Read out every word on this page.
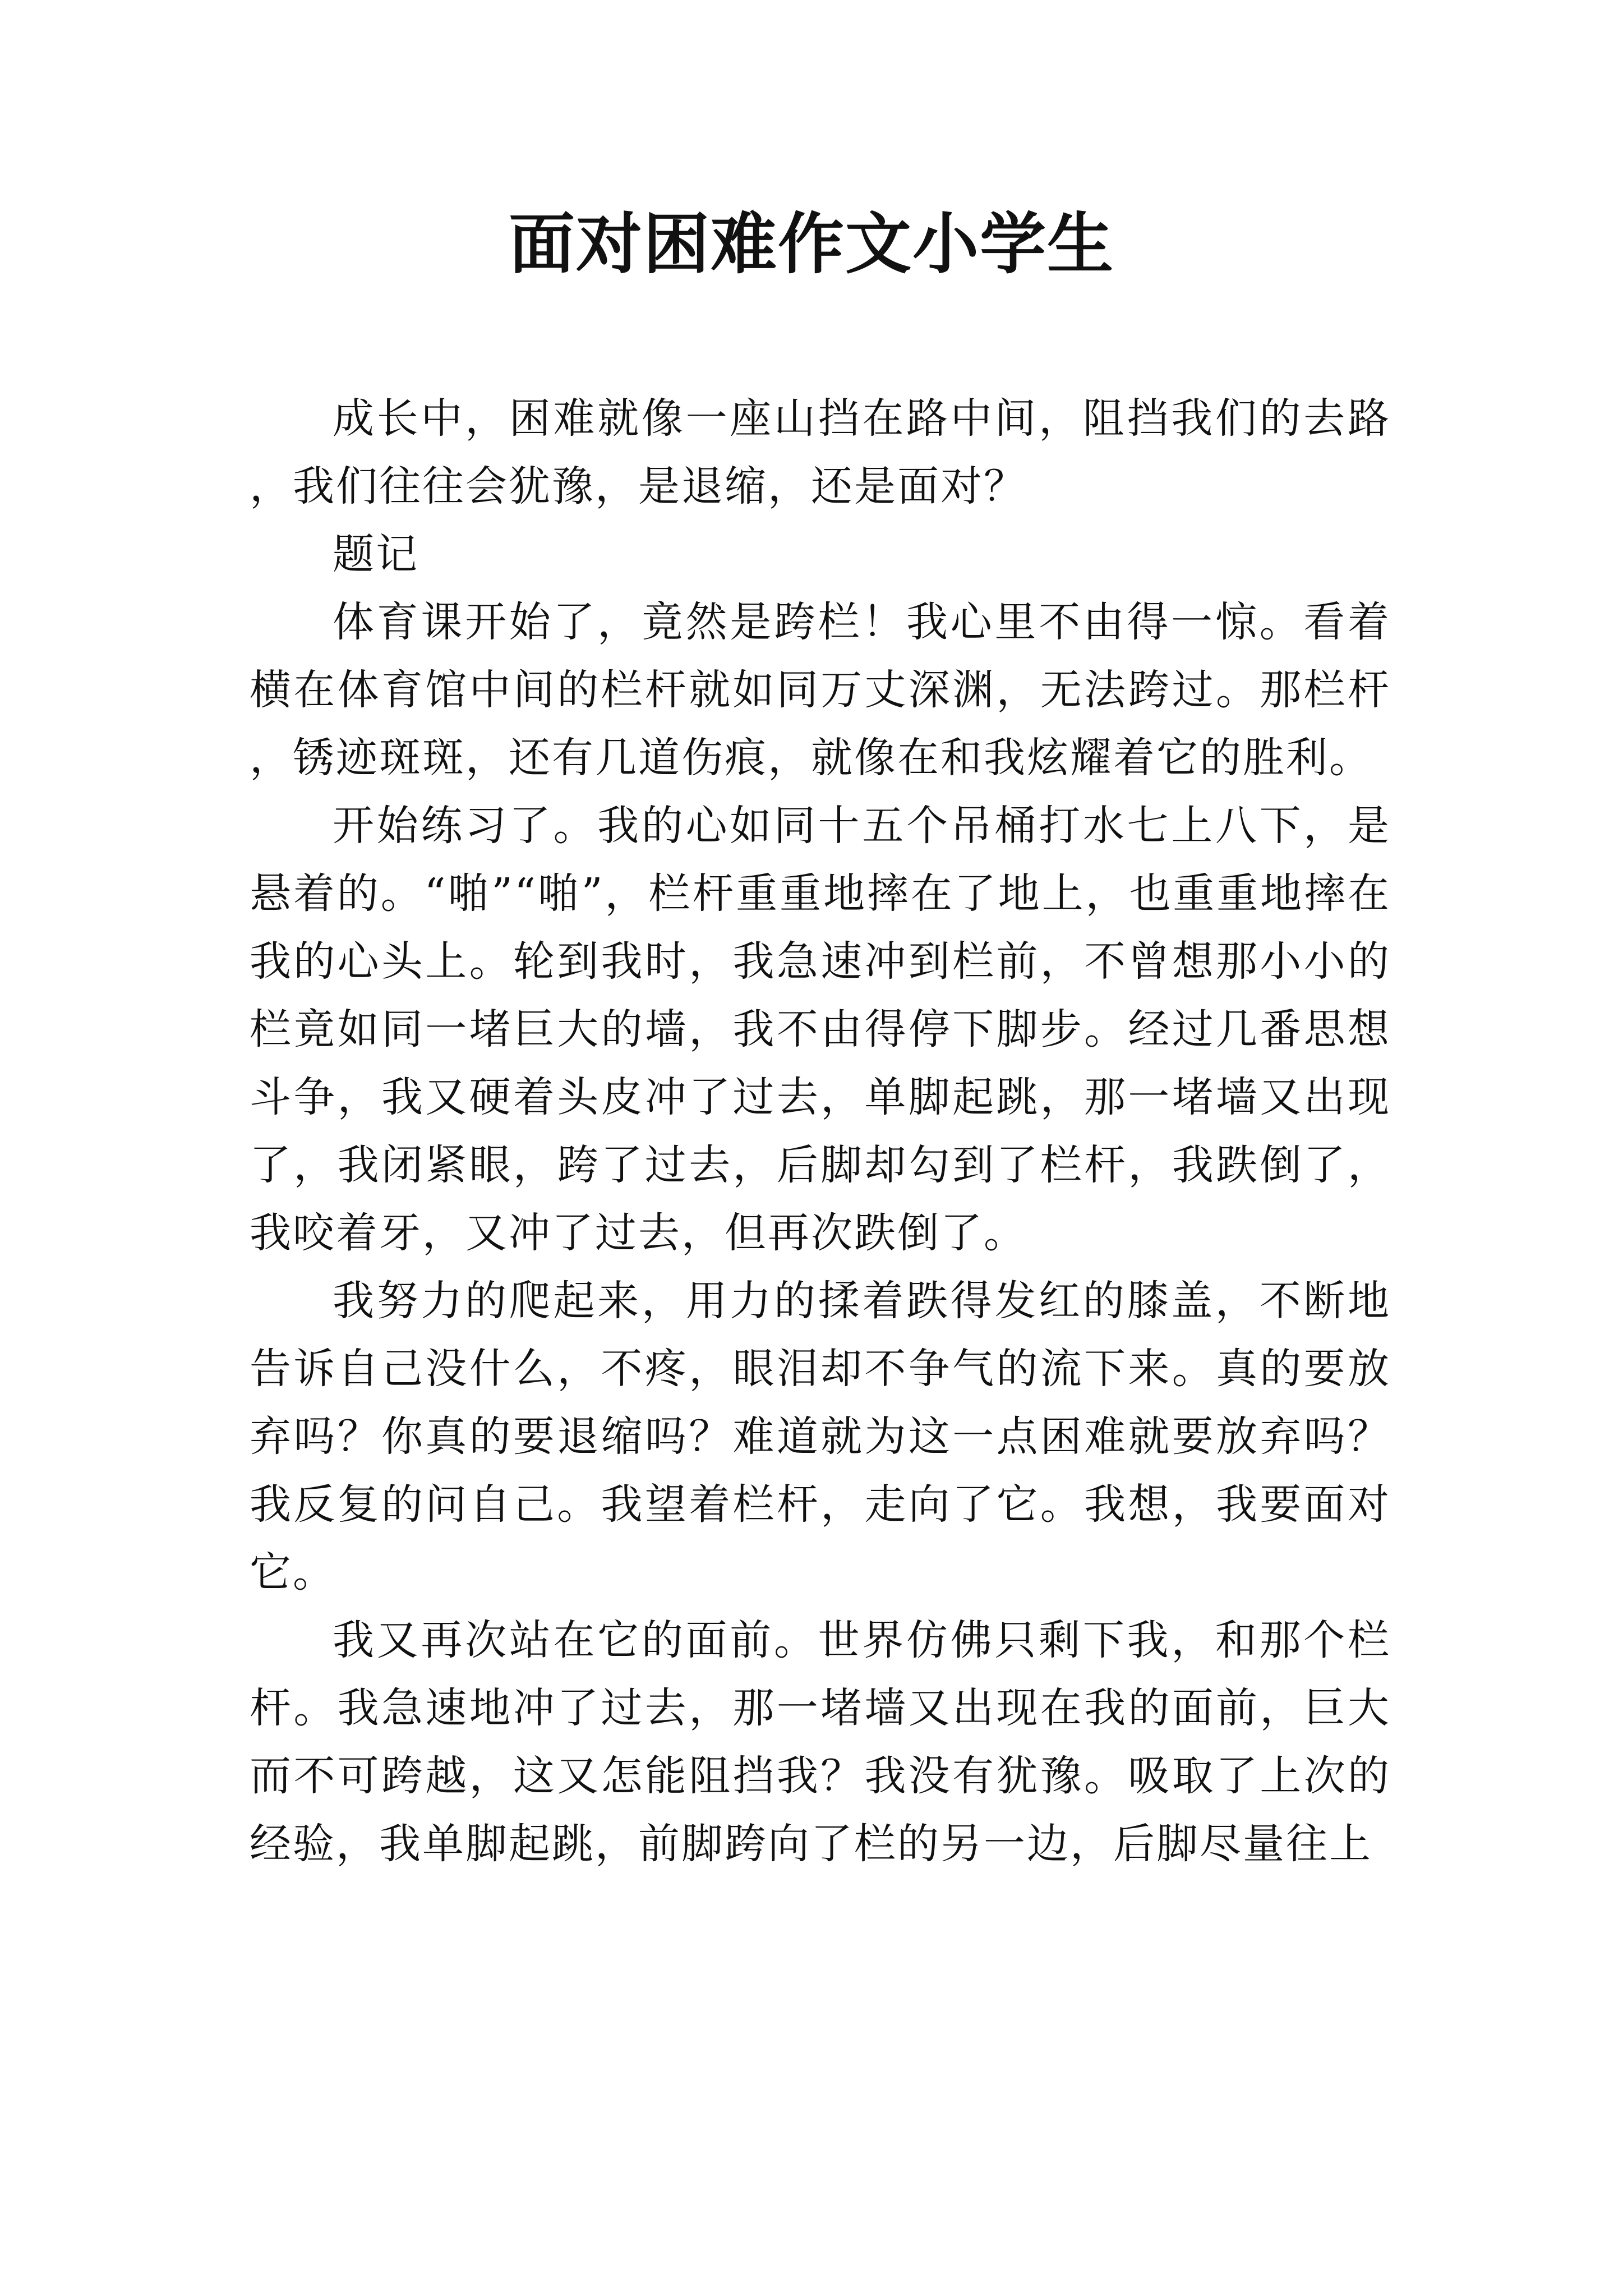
面对困难作文小学生

成长中，困难就像一座山挡在路中间，阻挡我们的去路，我们往往会犹豫，是退缩，还是面对？

题记

体育课开始了，竟然是跨栏！我心里不由得一惊。看着横在体育馆中间的栏杆就如同万丈深渊，无法跨过。那栏杆，锈迹斑斑，还有几道伤痕，就像在和我炫耀着它的胜利。

开始练习了。我的心如同十五个吊桶打水七上八下，是悬着的。“啪”“啪”，栏杆重重地摔在了地上，也重重地摔在我的心头上。轮到我时，我急速冲到栏前，不曾想那小小的栏竟如同一堵巨大的墙，我不由得停下脚步。经过几番思想斗争，我又硬着头皮冲了过去，单脚起跳，那一堵墙又出现了，我闭紧眼，跨了过去，后脚却勾到了栏杆，我跌倒了，我咬着牙，又冲了过去，但再次跌倒了。

我努力的爬起来，用力的揉着跌得发红的膝盖，不断地告诉自己没什么，不疼，眼泪却不争气的流下来。真的要放弃吗？你真的要退缩吗？难道就为这一点困难就要放弃吗？我反复的问自己。我望着栏杆，走向了它。我想，我要面对它。

我又再次站在它的面前。世界仿佛只剩下我，和那个栏杆。我急速地冲了过去，那一堵墙又出现在我的面前，巨大而不可跨越，这又怎能阻挡我？我没有犹豫。吸取了上次的经验，我单脚起跳，前脚跨向了栏的另一边，后脚尽量往上
